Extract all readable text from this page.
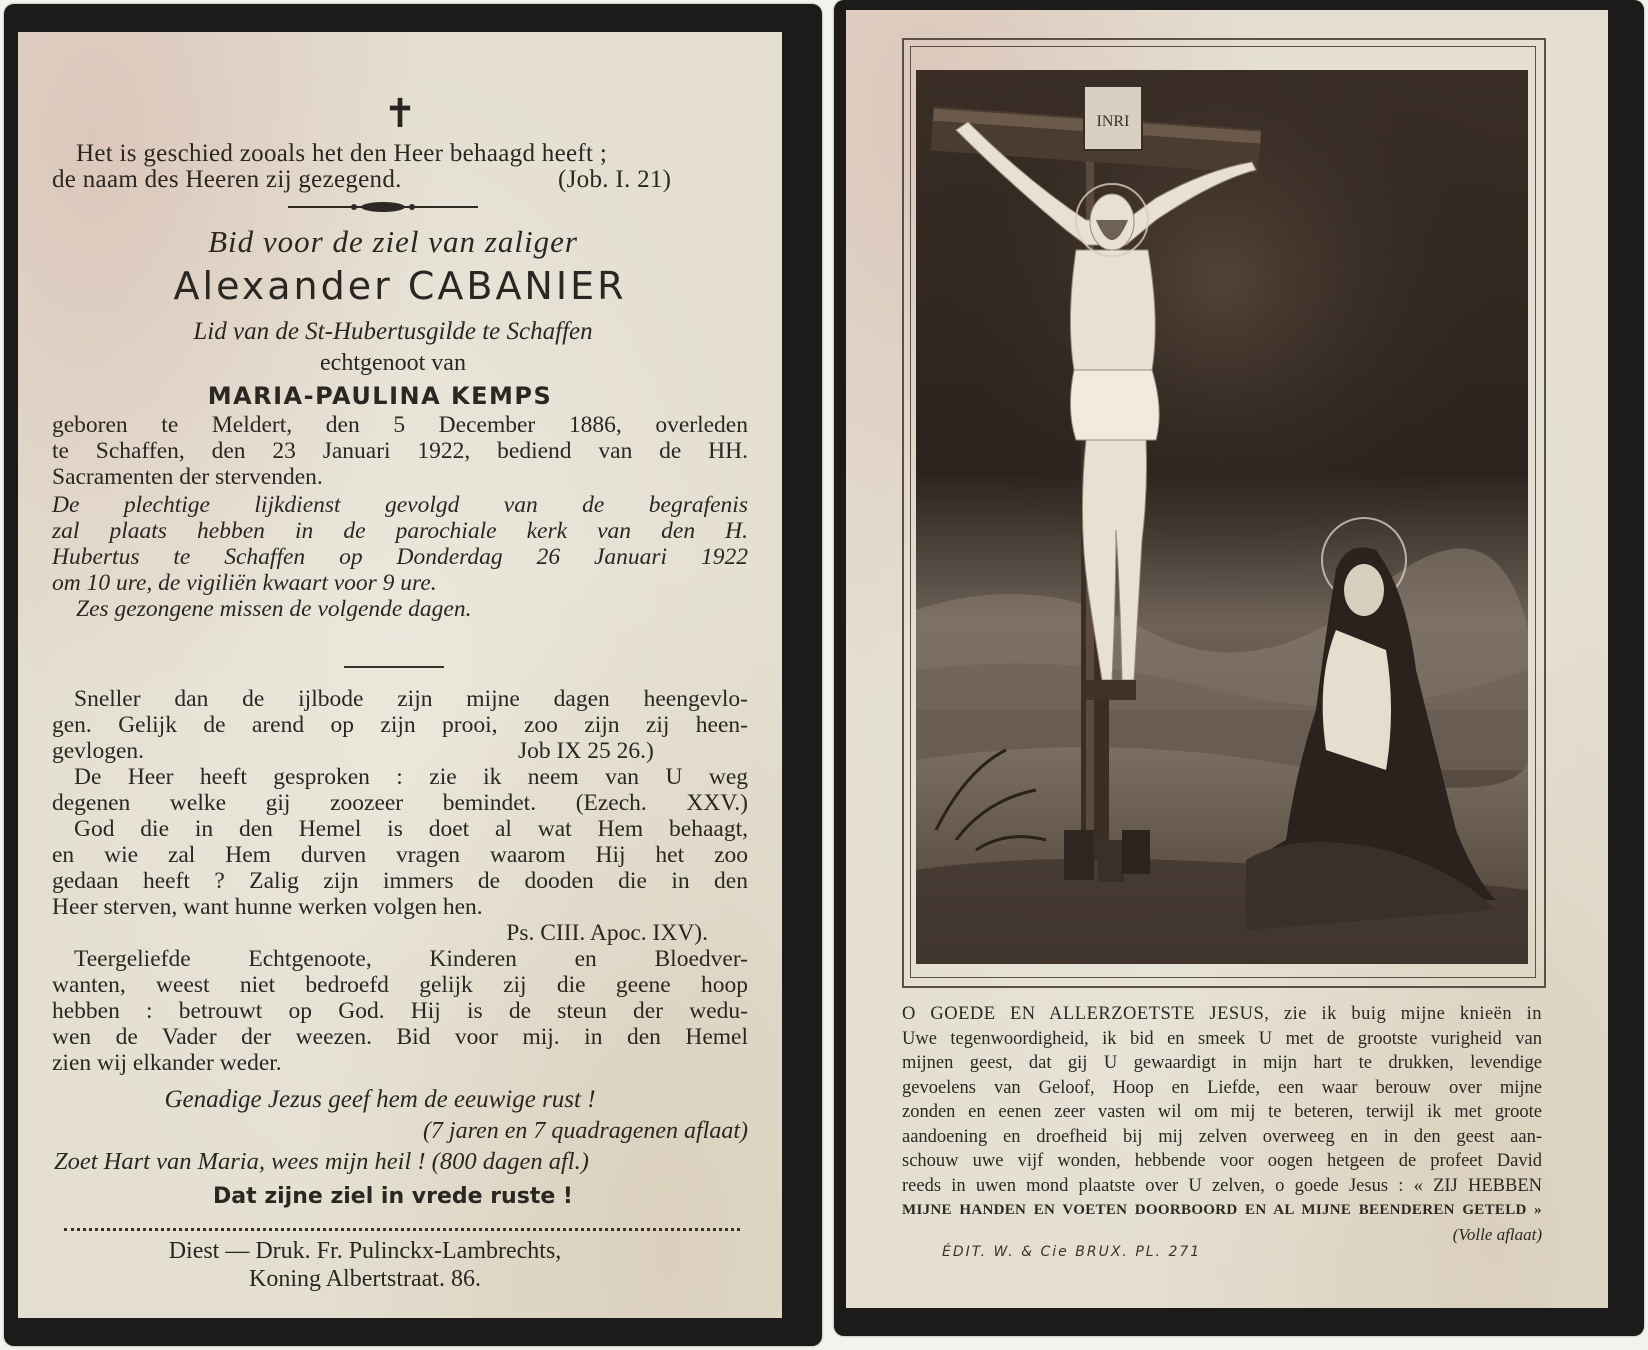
✝
Het is geschied zooals het den Heer behaagd heeft ;
de naam des Heeren zij gezegend.	(Job. I. 21)
Bid voor de ziel van zaliger
Alexander CABANIER
Lid van de St-Hubertusgilde te Schaffen
echtgenoot van
MARIA-PAULINA KEMPS
geboren te Meldert, den 5 December 1886, overleden
te Schaffen, den 23 Januari 1922, bediend van de HH.
Sacramenten der stervenden.
De plechtige lijkdienst gevolgd van de begrafenis
zal plaats hebben in de parochiale kerk van den H.
Hubertus te Schaffen op Donderdag 26 Januari 1922
om 10 ure, de vigiliën kwaart voor 9 ure.
Zes gezongene missen de volgende dagen.
Sneller dan de ijlbode zijn mijne dagen heengevlo-
gen. Gelijk de arend op zijn prooi, zoo zijn zij heen-
gevlogen.	Job IX 25 26.)
De Heer heeft gesproken : zie ik neem van U weg
degenen welke gij zoozeer bemindet. (Ezech. XXV.)
God die in den Hemel is doet al wat Hem behaagt,
en wie zal Hem durven vragen waarom Hij het zoo
gedaan heeft ? Zalig zijn immers de dooden die in den
Heer sterven, want hunne werken volgen hen.
Ps. CIII. Apoc. IXV).
Teergeliefde Echtgenoote, Kinderen en Bloedver-
wanten, weest niet bedroefd gelijk zij die geene hoop
hebben : betrouwt op God. Hij is de steun der wedu-
wen de Vader der weezen. Bid voor mij. in den Hemel
zien wij elkander weder.
Genadige Jezus geef hem de eeuwige rust !
(7 jaren en 7 quadragenen aflaat)
Zoet Hart van Maria, wees mijn heil ! (800 dagen afl.)
Dat zijne ziel in vrede ruste !
Diest — Druk. Fr. Pulinckx-Lambrechts,
Koning Albertstraat. 86.
INRI
O GOEDE EN ALLERZOETSTE JESUS, zie ik buig mijne knieën in
Uwe tegenwoordigheid, ik bid en smeek U met de grootste vurigheid van
mijnen geest, dat gij U gewaardigt in mijn hart te drukken, levendige
gevoelens van Geloof, Hoop en Liefde, een waar berouw over mijne
zonden en eenen zeer vasten wil om mij te beteren, terwijl ik met groote
aandoening en droefheid bij mij zelven overweeg en in den geest aan-
schouw uwe vijf wonden, hebbende voor oogen hetgeen de profeet David
reeds in uwen mond plaatste over U zelven, o goede Jesus : « ZIJ HEBBEN
MIJNE HANDEN EN VOETEN DOORBOORD EN AL MIJNE BEENDEREN GETELD »
(Volle aflaat)
ÉDIT. W. & Cie BRUX. PL. 271
